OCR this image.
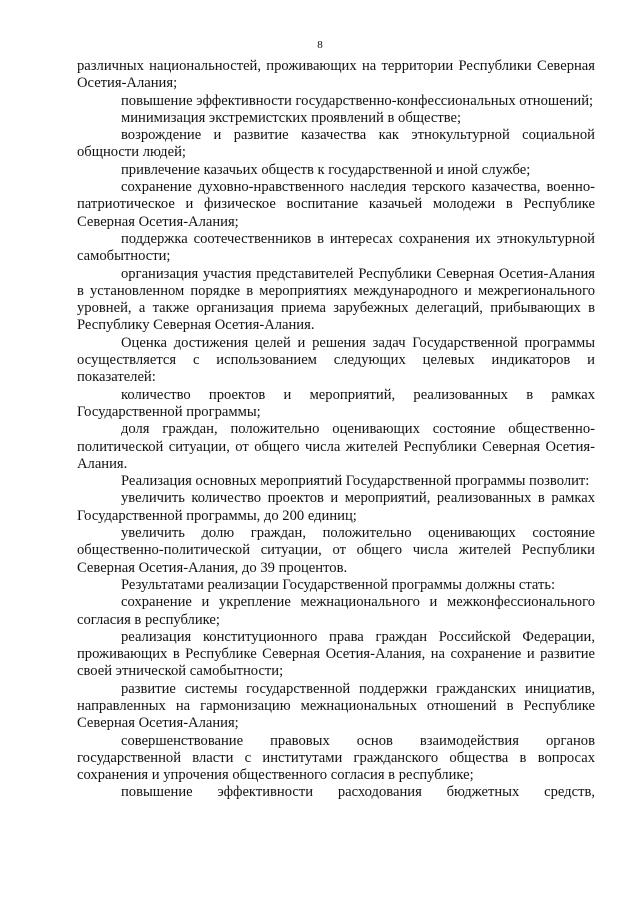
8

различных национальностей, проживающих на территории Республики Северная Осетия-Алания;

повышение эффективности государственно-конфессиональных отношений;

минимизация экстремистских проявлений в обществе;

возрождение и развитие казачества как этнокультурной социальной общности людей;

привлечение казачьих обществ к государственной и иной службе;

сохранение духовно-нравственного наследия терского казачества, военно-патриотическое и физическое воспитание казачьей молодежи в Республике Северная Осетия-Алания;

поддержка соотечественников в интересах сохранения их этнокультурной самобытности;

организация участия представителей Республики Северная Осетия-Алания в установленном порядке в мероприятиях международного и межрегионального уровней, а также организация приема зарубежных делегаций, прибывающих в Республику Северная Осетия-Алания.

Оценка достижения целей и решения задач Государственной программы осуществляется с использованием следующих целевых индикаторов и показателей:

количество проектов и мероприятий, реализованных в рамках Государственной программы;

доля граждан, положительно оценивающих состояние общественно-политической ситуации, от общего числа жителей Республики Северная Осетия-Алания.

Реализация основных мероприятий Государственной программы позволит:

увеличить количество проектов и мероприятий, реализованных в рамках Государственной программы, до 200 единиц;

увеличить долю граждан, положительно оценивающих состояние общественно-политической ситуации, от общего числа жителей Республики Северная Осетия-Алания, до 39 процентов.

Результатами реализации Государственной программы должны стать:

сохранение и укрепление межнационального и межконфессионального согласия в республике;

реализация конституционного права граждан Российской Федерации, проживающих в Республике Северная Осетия-Алания, на сохранение и развитие своей этнической самобытности;

развитие системы государственной поддержки гражданских инициатив, направленных на гармонизацию межнациональных отношений в Республике Северная Осетия-Алания;

совершенствование правовых основ взаимодействия органов государственной власти с институтами гражданского общества в вопросах сохранения и упрочения общественного согласия в республике;

повышение эффективности расходования бюджетных средств,
